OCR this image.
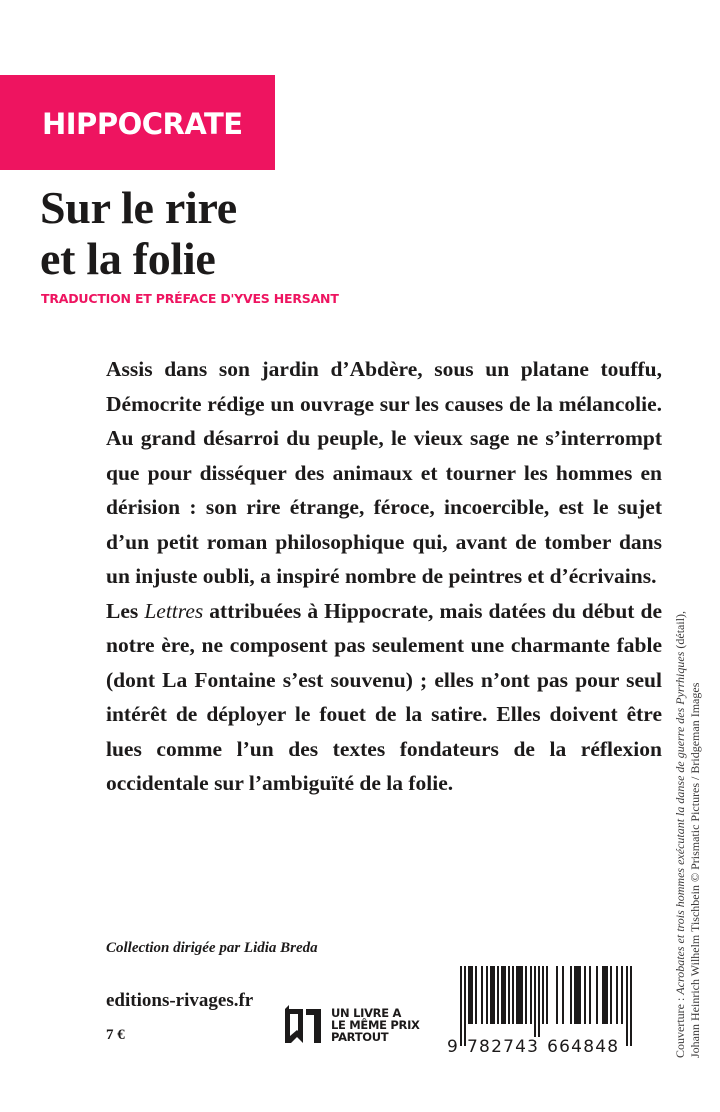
HIPPOCRATE
Sur le rire
et la folie
TRADUCTION ET PRÉFACE D'YVES HERSANT

Assis dans son jardin d’Abdère, sous un platane touffu, Démocrite rédige un ouvrage sur les causes de la mélancolie. Au grand désarroi du peuple, le vieux sage ne s’interrompt que pour disséquer des animaux et tourner les hommes en dérision : son rire étrange, féroce, incoercible, est le sujet d’un petit roman philosophique qui, avant de tomber dans un injuste oubli, a inspiré nombre de peintres et d’écrivains.

Les Lettres attribuées à Hippocrate, mais datées du début de notre ère, ne composent pas seulement une charmante fable (dont La Fontaine s’est souvenu) ; elles n’ont pas pour seul intérêt de déployer le fouet de la satire. Elles doivent être lues comme l’un des textes fondateurs de la réflexion occidentale sur l’ambiguïté de la folie.

Collection dirigée par Lidia Breda
editions-rivages.fr
7 €
UN LIVRE A
LE MÊME PRIX
PARTOUT	9 782743 664848	Couverture : Acrobates et trois hommes exécutant la danse de guerre des Pyrrhiques (détail),
Johann Heinrich Wilhelm Tischbein © Prismatic Pictures / Bridgeman Images
